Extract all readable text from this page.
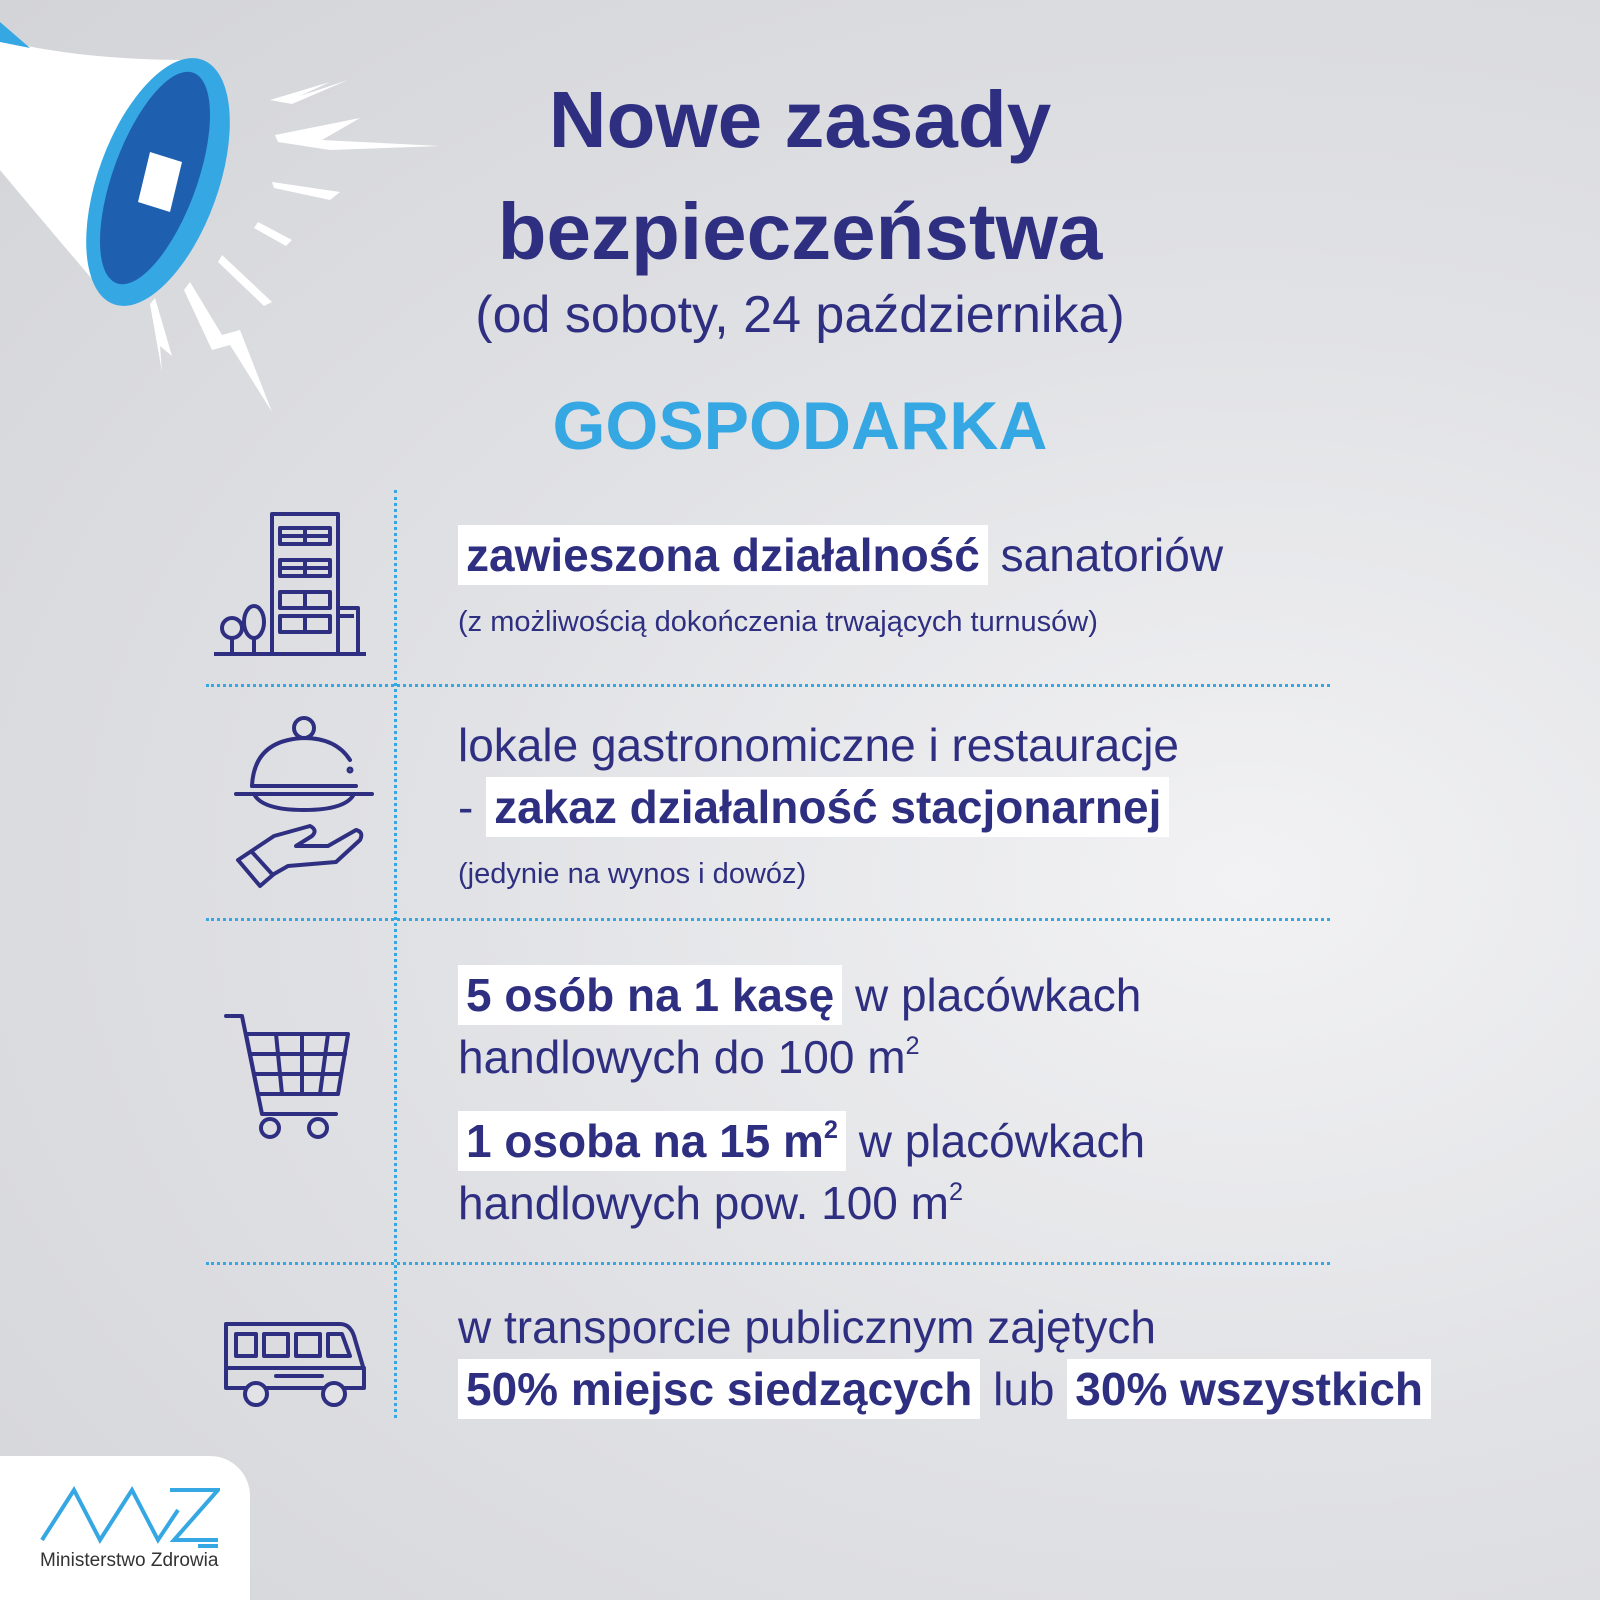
Nowe zasady
bezpieczeństwa
(od soboty, 24 października)
GOSPODARKA
zawieszona działalność sanatoriów
(z możliwością dokończenia trwających turnusów)
lokale gastronomiczne i restauracje
- zakaz działalność stacjonarnej
(jedynie na wynos i dowóz)
5 osób na 1 kasę w placówkach
handlowych do 100 $m^2$
1 osoba na 15 $m^2$ w placówkach
handlowych pow. 100 $m^2$
w transporcie publicznym zajętych
50% miejsc siedzących lub 30% wszystkich
Ministerstwo Zdrowia
